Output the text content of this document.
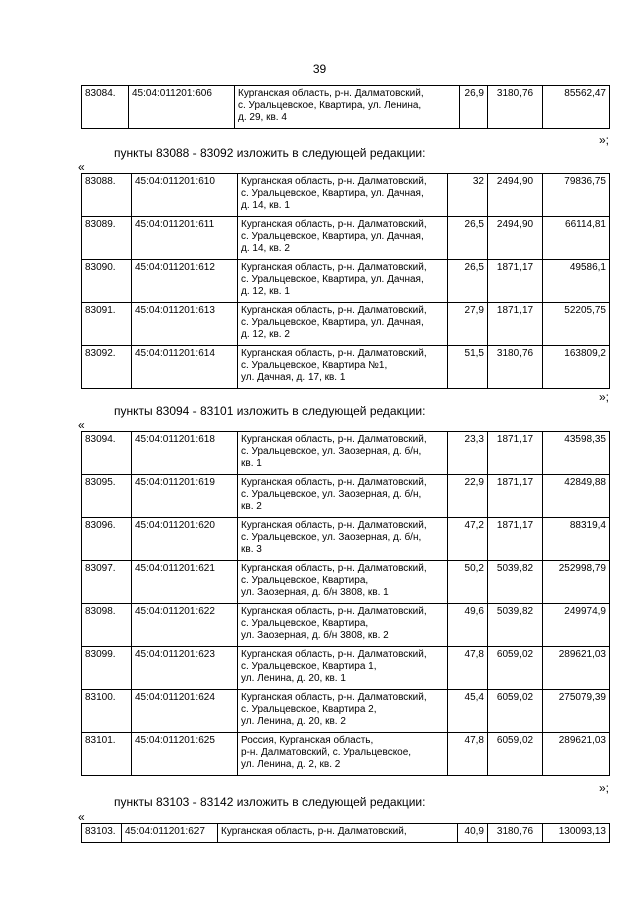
39
83084.	45:04:011201:606	Курганская область, р-н. Далматовский,
с. Уральцевское, Квартира, ул. Ленина,
д. 29, кв. 4
	26,9	3180,76	85562,47
»;
пункты 83088 - 83092 изложить в следующей редакции:
«
83088.	45:04:011201:610	Курганская область, р-н. Далматовский,
с. Уральцевское, Квартира, ул. Дачная,
д. 14, кв. 1	32	2494,90	79836,75
83089.	45:04:011201:611	Курганская область, р-н. Далматовский,
с. Уральцевское, Квартира, ул. Дачная,
д. 14, кв. 2	26,5	2494,90	66114,81
83090.	45:04:011201:612	Курганская область, р-н. Далматовский,
с. Уральцевское, Квартира, ул. Дачная,
д. 12, кв. 1	26,5	1871,17	49586,1
83091.	45:04:011201:613	Курганская область, р-н. Далматовский,
с. Уральцевское, Квартира, ул. Дачная,
д. 12, кв. 2	27,9	1871,17	52205,75
83092.	45:04:011201:614	Курганская область, р-н. Далматовский,
с. Уральцевское, Квартира №1,
ул. Дачная, д. 17, кв. 1	51,5	3180,76	163809,2
»;
пункты 83094 - 83101 изложить в следующей редакции:
«
83094.	45:04:011201:618	Курганская область, р-н. Далматовский,
с. Уральцевское, ул. Заозерная, д. б/н,
кв. 1	23,3	1871,17	43598,35
83095.	45:04:011201:619	Курганская область, р-н. Далматовский,
с. Уральцевское, ул. Заозерная, д. б/н,
кв. 2	22,9	1871,17	42849,88
83096.	45:04:011201:620	Курганская область, р-н. Далматовский,
с. Уральцевское, ул. Заозерная, д. б/н,
кв. 3	47,2	1871,17	88319,4
83097.	45:04:011201:621	Курганская область, р-н. Далматовский,
с. Уральцевское, Квартира,
ул. Заозерная, д. б/н 3808, кв. 1	50,2	5039,82	252998,79
83098.	45:04:011201:622	Курганская область, р-н. Далматовский,
с. Уральцевское, Квартира,
ул. Заозерная, д. б/н 3808, кв. 2	49,6	5039,82	249974,9
83099.	45:04:011201:623	Курганская область, р-н. Далматовский,
с. Уральцевское, Квартира 1,
ул. Ленина, д. 20, кв. 1	47,8	6059,02	289621,03
83100.	45:04:011201:624	Курганская область, р-н. Далматовский,
с. Уральцевское, Квартира 2,
ул. Ленина, д. 20, кв. 2	45,4	6059,02	275079,39
83101.	45:04:011201:625	Россия, Курганская область,
р-н. Далматовский, с. Уральцевское,
ул. Ленина, д. 2, кв. 2	47,8	6059,02	289621,03
»;
пункты 83103 - 83142 изложить в следующей редакции:
«
83103.	45:04:011201:627	Курганская область, р-н. Далматовский,	40,9	3180,76	130093,13
